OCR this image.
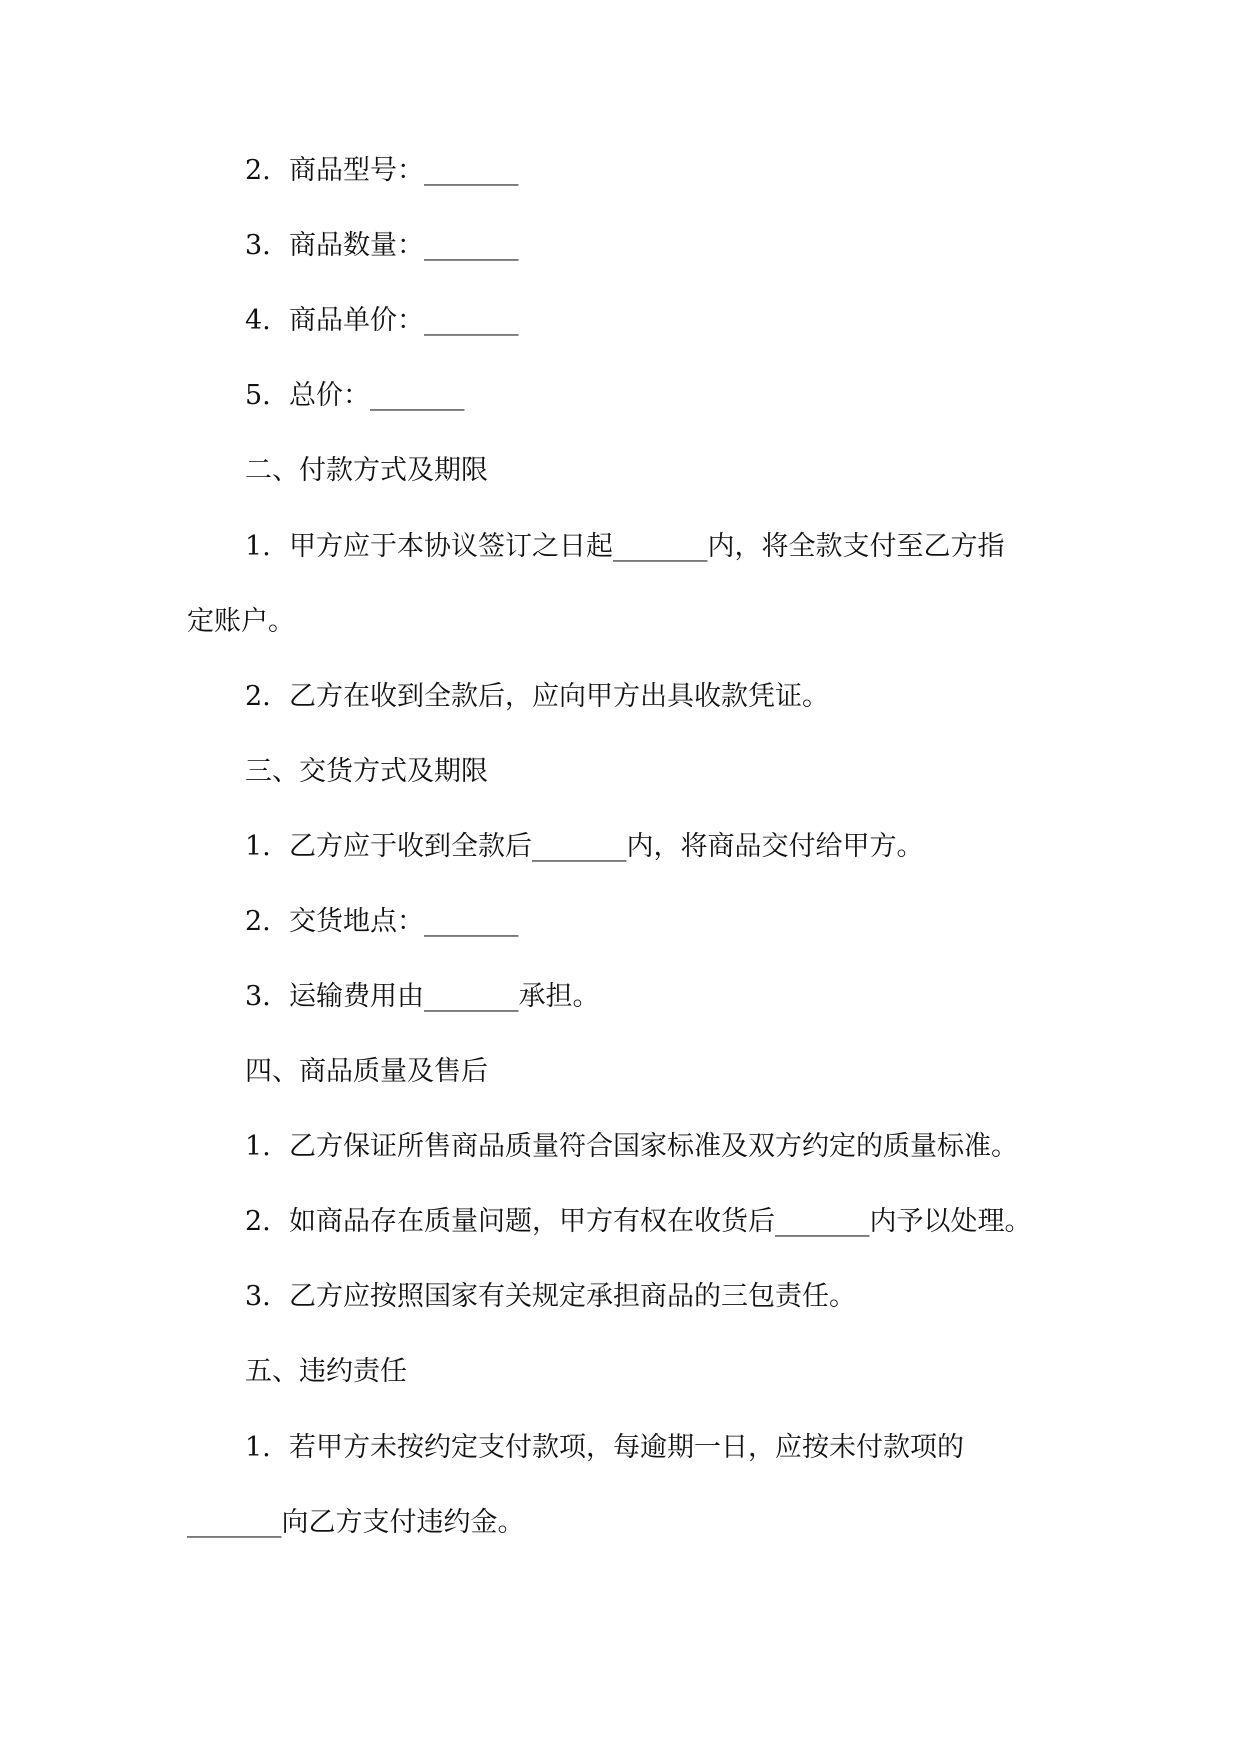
2. 商品型号：_______
3. 商品数量：_______
4. 商品单价：_______
5. 总价：_______
二、付款方式及期限
1. 甲方应于本协议签订之日起_______内，将全款支付至乙方指
定账户。
2. 乙方在收到全款后，应向甲方出具收款凭证。
三、交货方式及期限
1. 乙方应于收到全款后_______内，将商品交付给甲方。
2. 交货地点：_______
3. 运输费用由_______承担。
四、商品质量及售后
1. 乙方保证所售商品质量符合国家标准及双方约定的质量标准。
2. 如商品存在质量问题，甲方有权在收货后_______内予以处理。
3. 乙方应按照国家有关规定承担商品的三包责任。
五、违约责任
1. 若甲方未按约定支付款项，每逾期一日，应按未付款项的
_______向乙方支付违约金。
